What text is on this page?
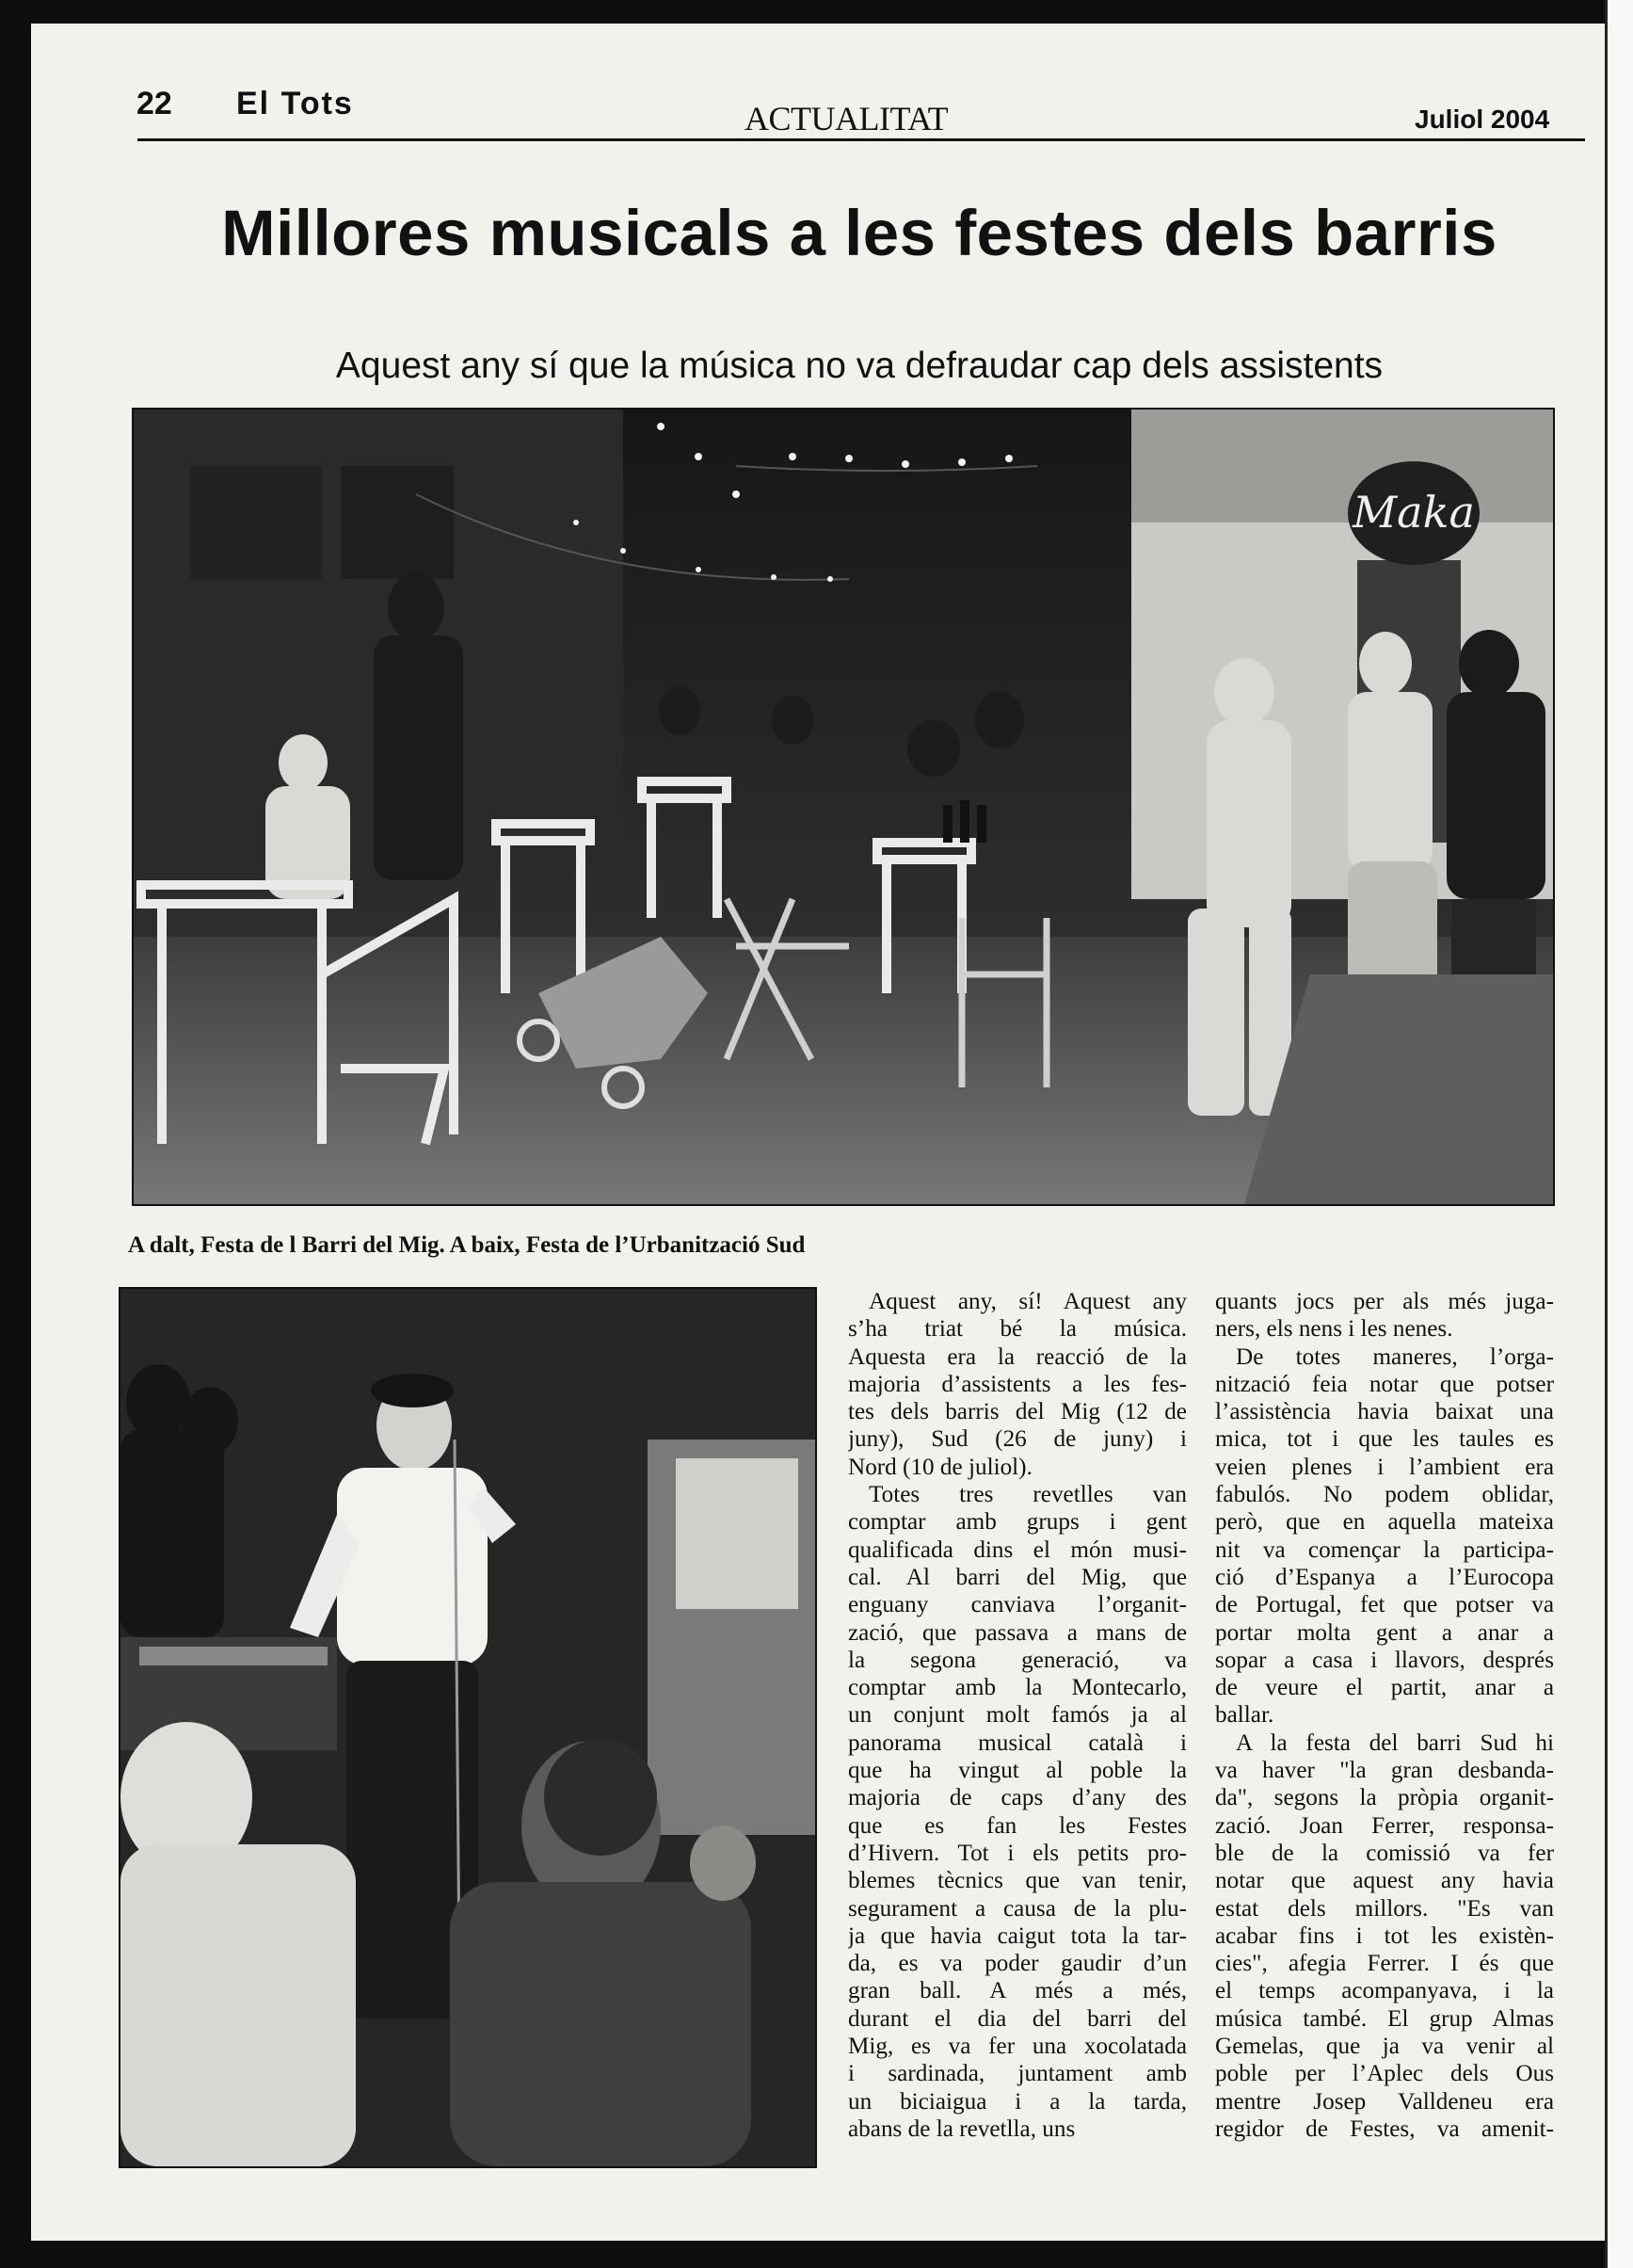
22 El Tots	ACTUALITAT	Juliol 2004
Millores musicals a les festes dels barris
Aquest any sí que la música no va defraudar cap dels assistents
Maka
A dalt, Festa de l Barri del Mig. A baix, Festa de l’Urbanització Sud
Aquest any, sí! Aquest any
s’ha triat bé la música.
Aquesta era la reacció de la
majoria d’assistents a les fes-
tes dels barris del Mig (12 de
juny), Sud (26 de juny) i
Nord (10 de juliol).
Totes tres revetlles van
comptar amb grups i gent
qualificada dins el món musi-
cal. Al barri del Mig, que
enguany canviava l’organit-
zació, que passava a mans de
la segona generació, va
comptar amb la Montecarlo,
un conjunt molt famós ja al
panorama musical català i
que ha vingut al poble la
majoria de caps d’any des
que es fan les Festes
d’Hivern. Tot i els petits pro-
blemes tècnics que van tenir,
segurament a causa de la plu-
ja que havia caigut tota la tar-
da, es va poder gaudir d’un
gran ball. A més a més,
durant el dia del barri del
Mig, es va fer una xocolatada
i sardinada, juntament amb
un biciaigua i a la tarda,
abans de la revetlla, uns
quants jocs per als més juga-
ners, els nens i les nenes.
De totes maneres, l’orga-
nització feia notar que potser
l’assistència havia baixat una
mica, tot i que les taules es
veien plenes i l’ambient era
fabulós. No podem oblidar,
però, que en aquella mateixa
nit va començar la participa-
ció d’Espanya a l’Eurocopa
de Portugal, fet que potser va
portar molta gent a anar a
sopar a casa i llavors, després
de veure el partit, anar a
ballar.
A la festa del barri Sud hi
va haver "la gran desbanda-
da", segons la pròpia organit-
zació. Joan Ferrer, responsa-
ble de la comissió va fer
notar que aquest any havia
estat dels millors. "Es van
acabar fins i tot les existèn-
cies", afegia Ferrer. I és que
el temps acompanyava, i la
música també. El grup Almas
Gemelas, que ja va venir al
poble per l’Aplec dels Ous
mentre Josep Valldeneu era
regidor de Festes, va amenit-
